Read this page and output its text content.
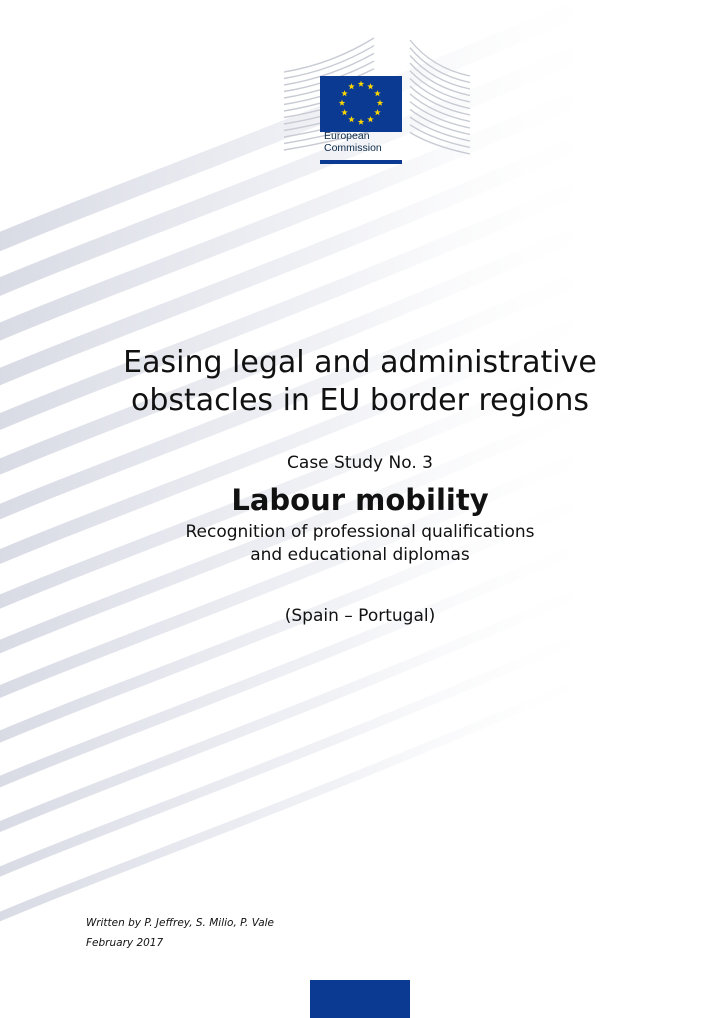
European
Commission
Easing legal and administrative
obstacles in EU border regions
Case Study No. 3
Labour mobility
Recognition of professional qualifications
and educational diplomas
(Spain – Portugal)
Written by P. Jeffrey, S. Milio, P. Vale
February 2017
